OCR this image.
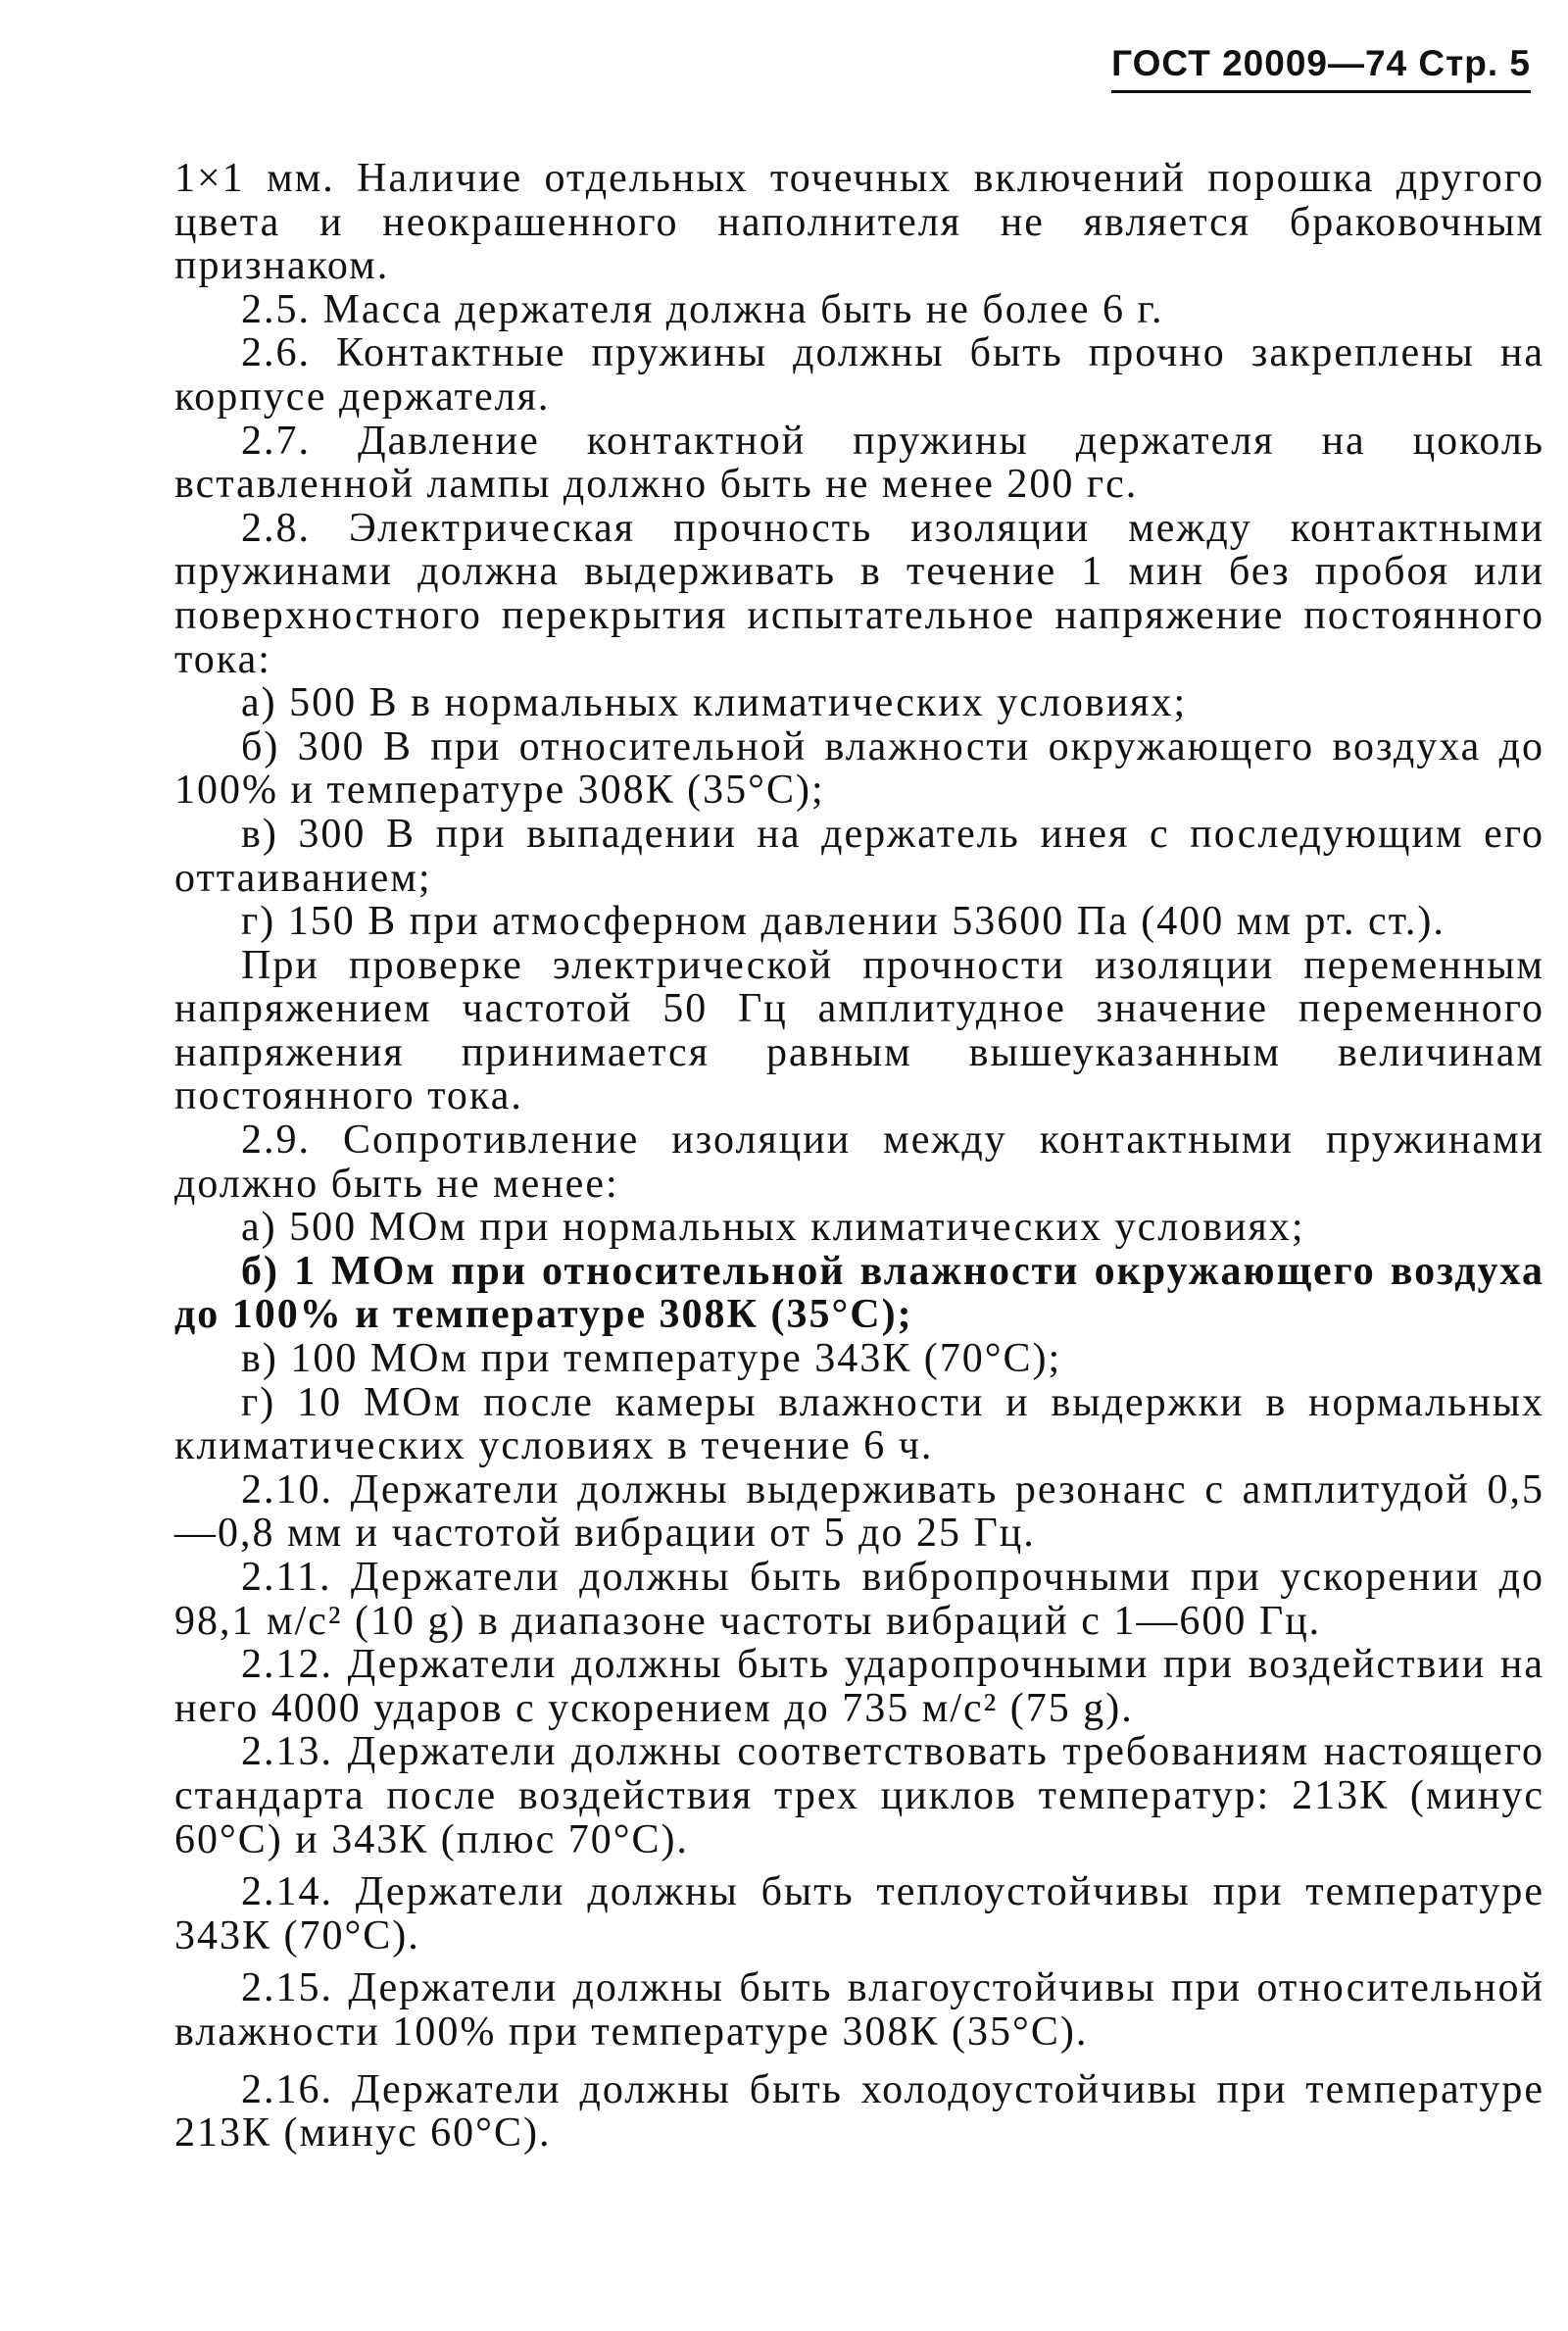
ГОСТ 20009—74 Стр. 5

1×1 мм. Наличие отдельных точечных включений порошка другого цвета и неокрашенного наполнителя не является браковочным признаком.

2.5. Масса держателя должна быть не более 6 г.

2.6. Контактные пружины должны быть прочно закреплены на корпусе держателя.

2.7. Давление контактной пружины держателя на цоколь вставленной лампы должно быть не менее 200 гс.

2.8. Электрическая прочность изоляции между контактными пружинами должна выдерживать в течение 1 мин без пробоя или поверхностного перекрытия испытательное напряжение постоянного тока:

а) 500 В в нормальных климатических условиях;

б) 300 В при относительной влажности окружающего воздуха до 100% и температуре 308К (35°С);

в) 300 В при выпадении на держатель инея с последующим его оттаиванием;

г) 150 В при атмосферном давлении 53600 Па (400 мм рт. ст.).

При проверке электрической прочности изоляции переменным напряжением частотой 50 Гц амплитудное значение переменного напряжения принимается равным вышеуказанным величинам постоянного тока.

2.9. Сопротивление изоляции между контактными пружинами должно быть не менее:

а) 500 МОм при нормальных климатических условиях;

б) 1 МОм при относительной влажности окружающего воздуха до 100% и температуре 308К (35°С);

в) 100 МОм при температуре 343К (70°С);

г) 10 МОм после камеры влажности и выдержки в нормальных климатических условиях в течение 6 ч.

2.10. Держатели должны выдерживать резонанс с амплитудой 0,5—0,8 мм и частотой вибрации от 5 до 25 Гц.

2.11. Держатели должны быть вибропрочными при ускорении до 98,1 м/с² (10 g) в диапазоне частоты вибраций с 1—600 Гц.

2.12. Держатели должны быть ударопрочными при воздействии на него 4000 ударов с ускорением до 735 м/с² (75 g).

2.13. Держатели должны соответствовать требованиям настоящего стандарта после воздействия трех циклов температур: 213К (минус 60°С) и 343К (плюс 70°С).

2.14. Держатели должны быть теплоустойчивы при температуре 343К (70°С).

2.15. Держатели должны быть влагоустойчивы при относительной влажности 100% при температуре 308К (35°С).

2.16. Держатели должны быть холодоустойчивы при температуре 213К (минус 60°С).
